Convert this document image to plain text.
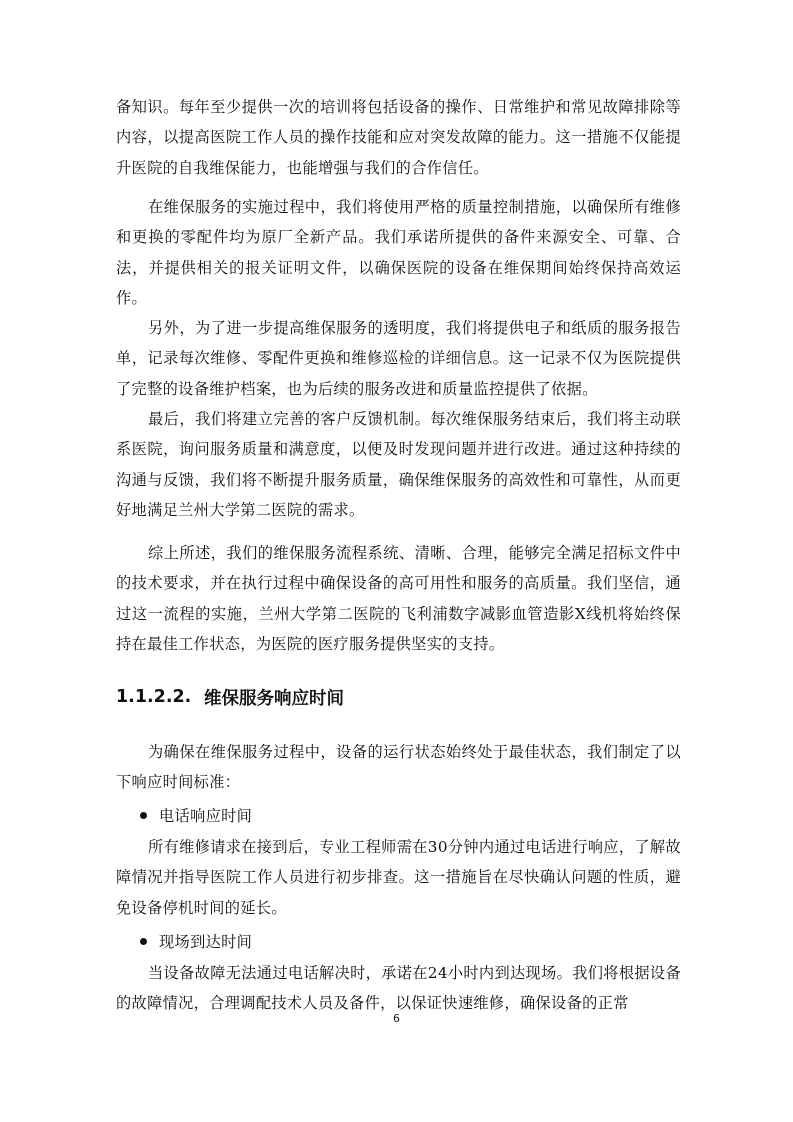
备知识。每年至少提供一次的培训将包括设备的操作、日常维护和常见故障排除等内容，以提高医院工作人员的操作技能和应对突发故障的能力。这一措施不仅能提升医院的自我维保能力，也能增强与我们的合作信任。
在维保服务的实施过程中，我们将使用严格的质量控制措施，以确保所有维修和更换的零配件均为原厂全新产品。我们承诺所提供的备件来源安全、可靠、合法，并提供相关的报关证明文件，以确保医院的设备在维保期间始终保持高效运作。
另外，为了进一步提高维保服务的透明度，我们将提供电子和纸质的服务报告单，记录每次维修、零配件更换和维修巡检的详细信息。这一记录不仅为医院提供了完整的设备维护档案，也为后续的服务改进和质量监控提供了依据。
最后，我们将建立完善的客户反馈机制。每次维保服务结束后，我们将主动联系医院，询问服务质量和满意度，以便及时发现问题并进行改进。通过这种持续的沟通与反馈，我们将不断提升服务质量，确保维保服务的高效性和可靠性，从而更好地满足兰州大学第二医院的需求。
综上所述，我们的维保服务流程系统、清晰、合理，能够完全满足招标文件中的技术要求，并在执行过程中确保设备的高可用性和服务的高质量。我们坚信，通过这一流程的实施，兰州大学第二医院的飞利浦数字减影血管造影X线机将始终保持在最佳工作状态，为医院的医疗服务提供坚实的支持。
1.1.2.2. 维保服务响应时间
为确保在维保服务过程中，设备的运行状态始终处于最佳状态，我们制定了以下响应时间标准：
电话响应时间
所有维修请求在接到后，专业工程师需在30分钟内通过电话进行响应，了解故障情况并指导医院工作人员进行初步排查。这一措施旨在尽快确认问题的性质，避免设备停机时间的延长。
现场到达时间
当设备故障无法通过电话解决时，承诺在24小时内到达现场。我们将根据设备的故障情况，合理调配技术人员及备件，以保证快速维修，确保设备的正常
6
